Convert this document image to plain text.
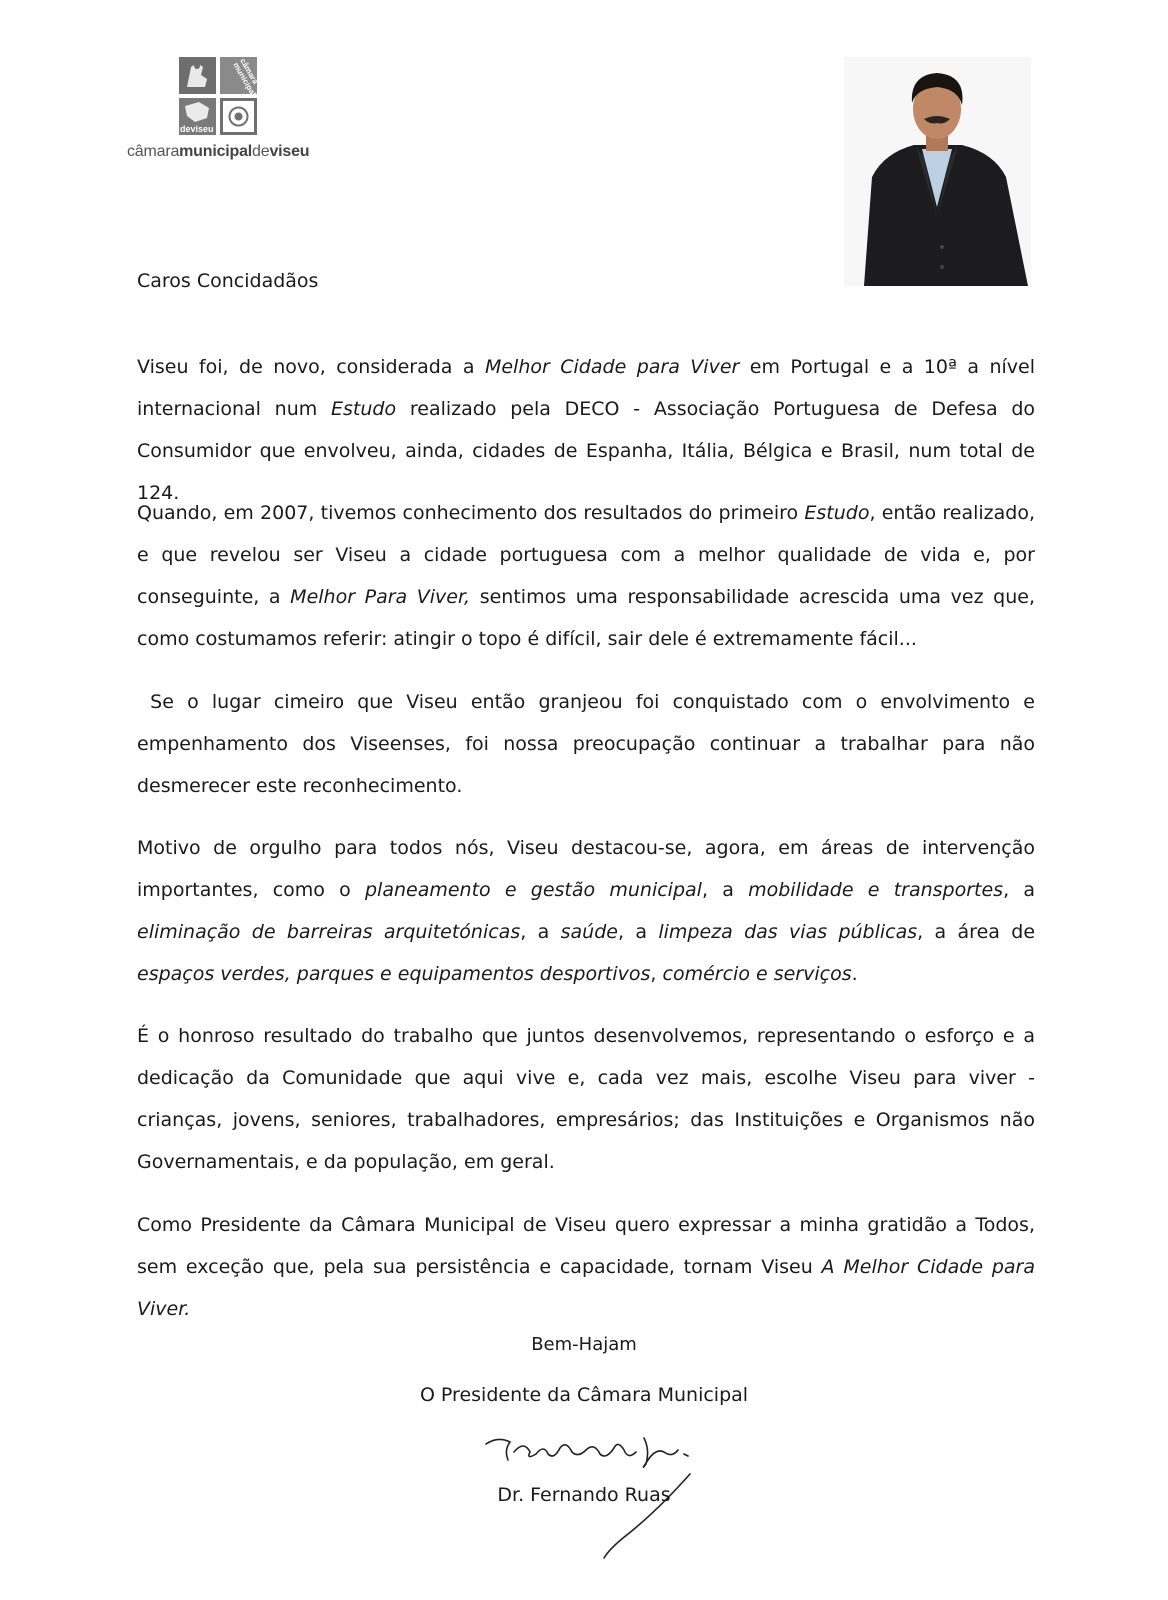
câmara municipal
deviseu
câmaramunicipaldeviseu
Caros Concidadãos

Viseu foi, de novo, considerada a Melhor Cidade para Viver em Portugal e a 10ª a nível internacional num Estudo realizado pela DECO - Associação Portuguesa de Defesa do Consumidor que envolveu, ainda, cidades de Espanha, Itália, Bélgica e Brasil, num total de 124.

Quando, em 2007, tivemos conhecimento dos resultados do primeiro Estudo, então realizado, e que revelou ser Viseu a cidade portuguesa com a melhor qualidade de vida e, por conseguinte, a Melhor Para Viver, sentimos uma responsabilidade acrescida uma vez que, como costumamos referir: atingir o topo é difícil, sair dele é extremamente fácil...

Se o lugar cimeiro que Viseu então granjeou foi conquistado com o envolvimento e empenhamento dos Viseenses, foi nossa preocupação continuar a trabalhar para não desmerecer este reconhecimento.

Motivo de orgulho para todos nós, Viseu destacou-se, agora, em áreas de intervenção importantes, como o planeamento e gestão municipal, a mobilidade e transportes, a eliminação de barreiras arquitetónicas, a saúde, a limpeza das vias públicas, a área de espaços verdes, parques e equipamentos desportivos, comércio e serviços.

É o honroso resultado do trabalho que juntos desenvolvemos, representando o esforço e a dedicação da Comunidade que aqui vive e, cada vez mais, escolhe Viseu para viver - crianças, jovens, seniores, trabalhadores, empresários; das Instituições e Organismos não Governamentais, e da população, em geral.

Como Presidente da Câmara Municipal de Viseu quero expressar a minha gratidão a Todos, sem exceção que, pela sua persistência e capacidade, tornam Viseu A Melhor Cidade para Viver.

Bem-Hajam
O Presidente da Câmara Municipal
Dr. Fernando Ruas
